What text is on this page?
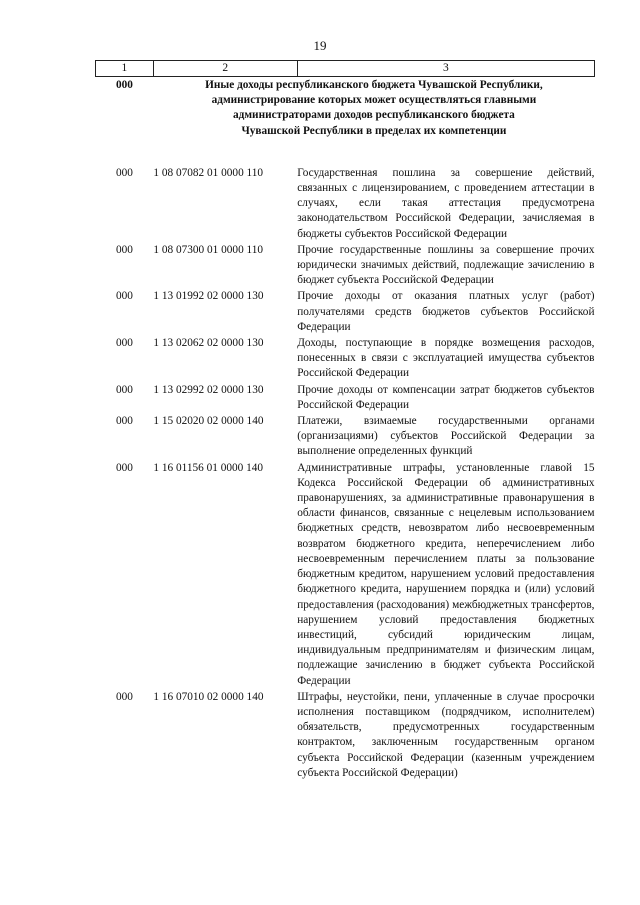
19
1	2	3
000	Иные доходы республиканского бюджета Чувашской Республики,
администрирование которых может осуществляться главными
администраторами доходов республиканского бюджета
Чувашской Республики в пределах их компетенции	

000	1 08 07082 01 0000 110	Государственная пошлина за совершение действий, связанных с лицензированием, с проведением аттестации в случаях, если такая аттестация предусмотрена законодательством Российской Федерации, зачисляемая в бюджеты субъектов Российской Федерации
000	1 08 07300 01 0000 110	Прочие государственные пошлины за совершение прочих юридически значимых действий, подлежащие зачислению в бюджет субъекта Российской Федерации
000	1 13 01992 02 0000 130	Прочие доходы от оказания платных услуг (работ) получателями средств бюджетов субъектов Российской Федерации
000	1 13 02062 02 0000 130	Доходы, поступающие в порядке возмещения расходов, понесенных в связи с эксплуатацией имущества субъектов Российской Федерации
000	1 13 02992 02 0000 130	Прочие доходы от компенсации затрат бюджетов субъектов Российской Федерации
000	1 15 02020 02 0000 140	Платежи, взимаемые государственными органами (организациями) субъектов Российской Федерации за выполнение определенных функций
000	1 16 01156 01 0000 140	Административные штрафы, установленные главой 15 Кодекса Российской Федерации об административных правонарушениях, за административные правонарушения в области финансов, связанные с нецелевым использованием бюджетных средств, невозвратом либо несвоевременным возвратом бюджетного кредита, неперечислением либо несвоевременным перечислением платы за пользование бюджетным кредитом, нарушением условий предоставления бюджетного кредита, нарушением порядка и (или) условий предоставления (расходования) межбюджетных трансфертов, нарушением условий предоставления бюджетных инвестиций, субсидий юридическим лицам, индивидуальным предпринимателям и физическим лицам, подлежащие зачислению в бюджет субъекта Российской Федерации
000	1 16 07010 02 0000 140	Штрафы, неустойки, пени, уплаченные в случае просрочки исполнения поставщиком (подрядчиком, исполнителем) обязательств, предусмотренных государственным контрактом, заключенным государственным органом субъекта Российской Федерации (казенным учреждением субъекта Российской Федерации)
